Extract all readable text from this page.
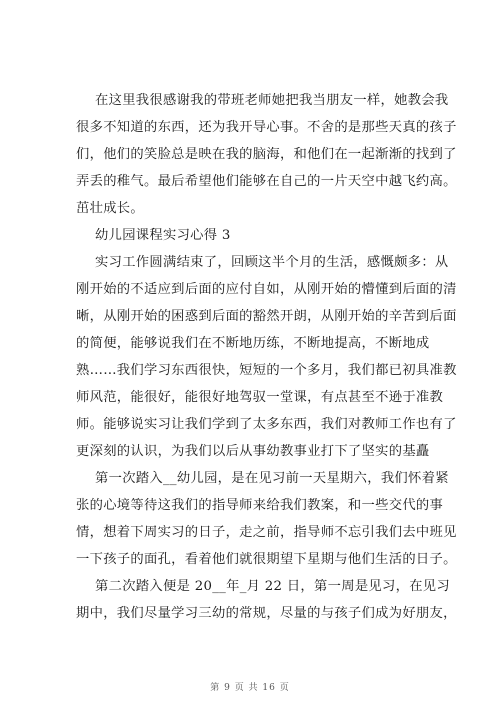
在这里我很感谢我的带班老师她把我当朋友一样，她教会我
很多不知道的东西，还为我开导心事。不舍的是那些天真的孩子
们，他们的笑脸总是映在我的脑海，和他们在一起渐渐的找到了
弄丢的稚气。最后希望他们能够在自己的一片天空中越飞约高。
茁壮成长。
幼儿园课程实习心得 3
实习工作圆满结束了，回顾这半个月的生活，感慨颇多：从
刚开始的不适应到后面的应付自如，从刚开始的懵懂到后面的清
晰，从刚开始的困惑到后面的豁然开朗，从刚开始的辛苦到后面
的简便，能够说我们在不断地历练，不断地提高，不断地成
熟……我们学习东西很快，短短的一个多月，我们都已初具准教
师风范，能很好，能很好地驾驭一堂课，有点甚至不逊于准教
师。能够说实习让我们学到了太多东西，我们对教师工作也有了
更深刻的认识，为我们以后从事幼教事业打下了坚实的基矗
第一次踏入__幼儿园，是在见习前一天星期六，我们怀着紧
张的心境等待这我们的指导师来给我们教案，和一些交代的事
情，想着下周实习的日子，走之前，指导师不忘引我们去中班见
一下孩子的面孔，看着他们就很期望下星期与他们生活的日子。
第二次踏入便是 20__年_月 22 日，第一周是见习，在见习
期中，我们尽量学习三幼的常规，尽量的与孩子们成为好朋友，
第 9 页 共 16 页
